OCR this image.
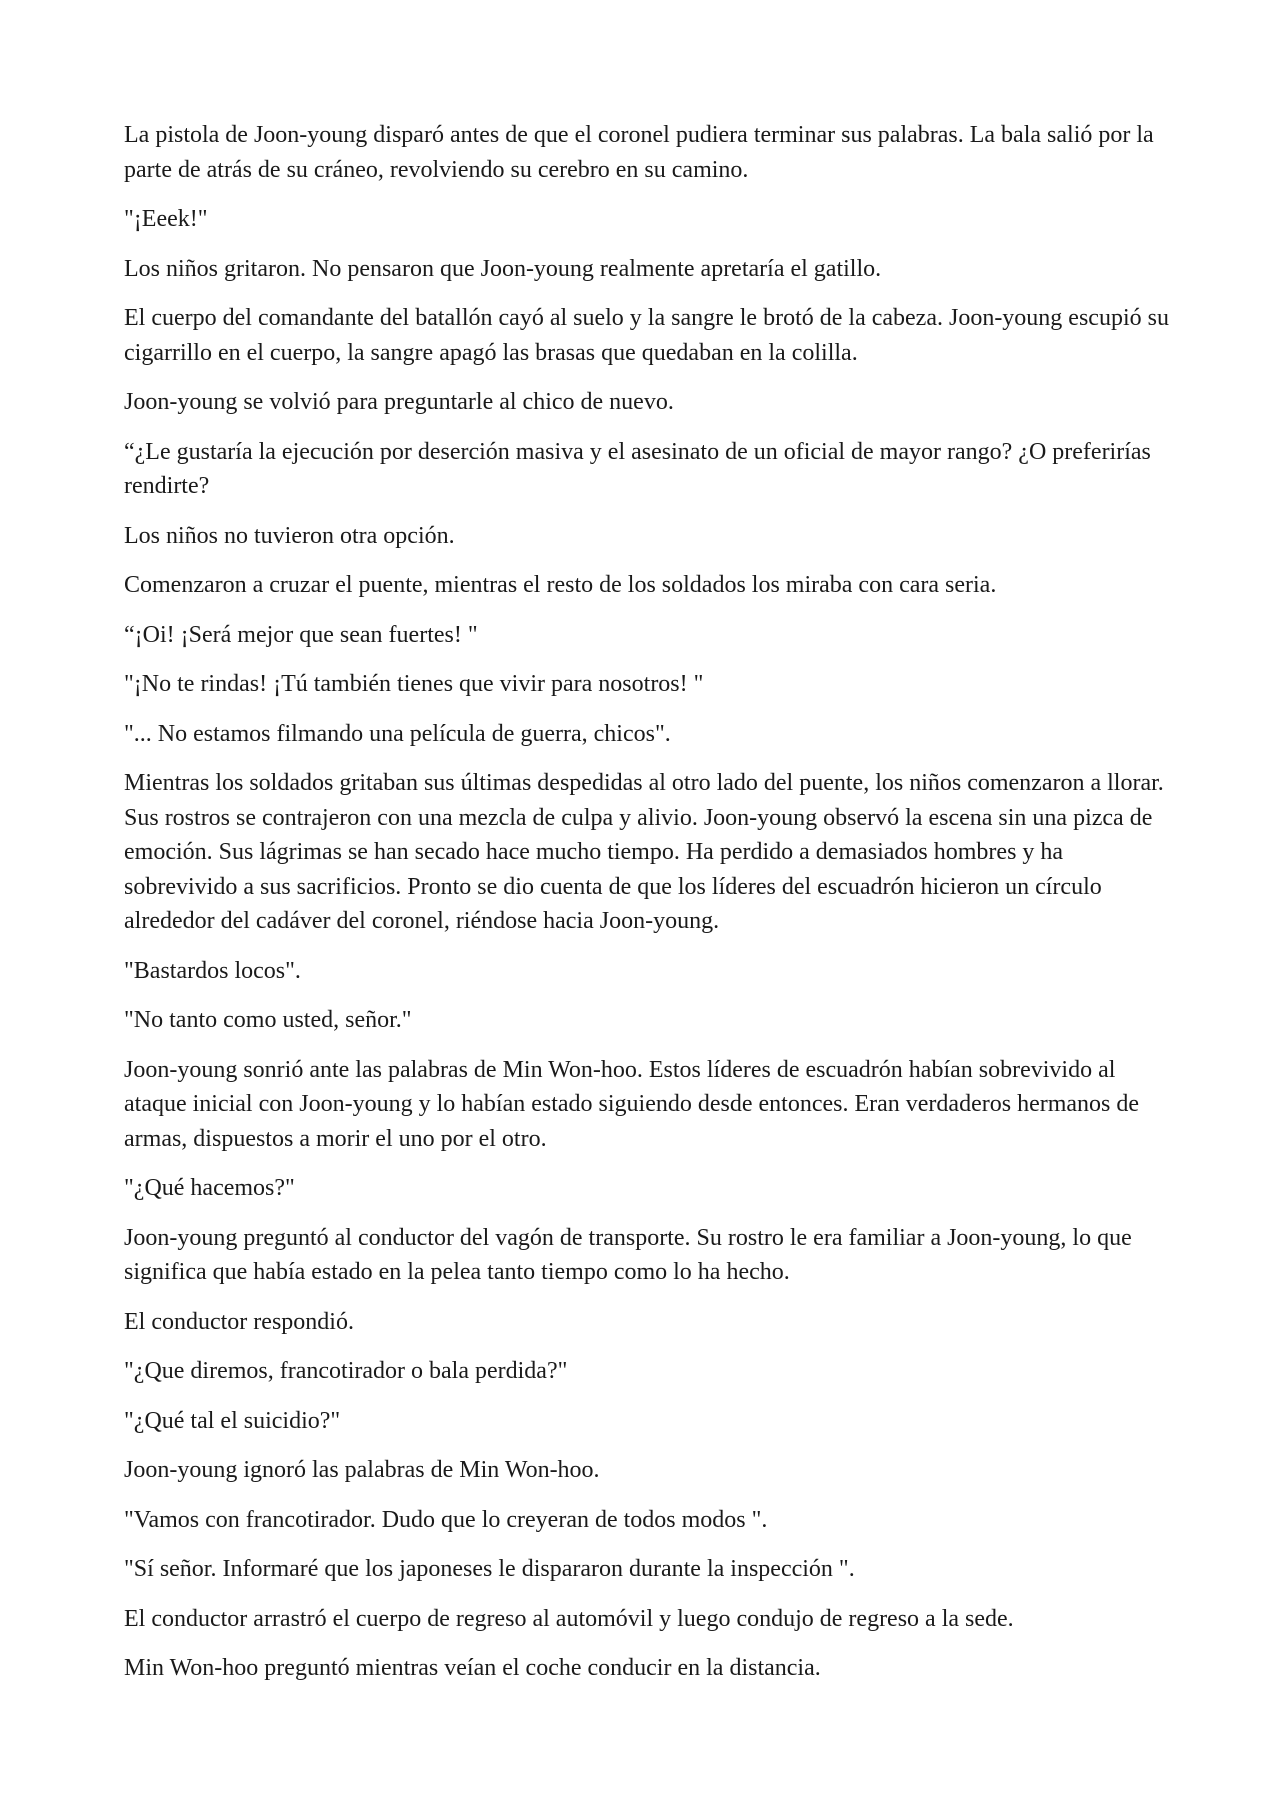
La pistola de Joon-young disparó antes de que el coronel pudiera terminar sus palabras. La bala salió por la parte de atrás de su cráneo, revolviendo su cerebro en su camino.

"¡Eeek!"

Los niños gritaron. No pensaron que Joon-young realmente apretaría el gatillo.

El cuerpo del comandante del batallón cayó al suelo y la sangre le brotó de la cabeza. Joon-young escupió su cigarrillo en el cuerpo, la sangre apagó las brasas que quedaban en la colilla.

Joon-young se volvió para preguntarle al chico de nuevo.

“¿Le gustaría la ejecución por deserción masiva y el asesinato de un oficial de mayor rango? ¿O preferirías rendirte?

Los niños no tuvieron otra opción.

Comenzaron a cruzar el puente, mientras el resto de los soldados los miraba con cara seria.

“¡Oi! ¡Será mejor que sean fuertes! "

"¡No te rindas! ¡Tú también tienes que vivir para nosotros! "

"... No estamos filmando una película de guerra, chicos".

Mientras los soldados gritaban sus últimas despedidas al otro lado del puente, los niños comenzaron a llorar. Sus rostros se contrajeron con una mezcla de culpa y alivio. Joon-young observó la escena sin una pizca de emoción. Sus lágrimas se han secado hace mucho tiempo. Ha perdido a demasiados hombres y ha sobrevivido a sus sacrificios. Pronto se dio cuenta de que los líderes del escuadrón hicieron un círculo alrededor del cadáver del coronel, riéndose hacia Joon-young.

"Bastardos locos".

"No tanto como usted, señor."

Joon-young sonrió ante las palabras de Min Won-hoo. Estos líderes de escuadrón habían sobrevivido al ataque inicial con Joon-young y lo habían estado siguiendo desde entonces. Eran verdaderos hermanos de armas, dispuestos a morir el uno por el otro.

"¿Qué hacemos?"

Joon-young preguntó al conductor del vagón de transporte. Su rostro le era familiar a Joon-young, lo que significa que había estado en la pelea tanto tiempo como lo ha hecho.

El conductor respondió.

"¿Que diremos, francotirador o bala perdida?"

"¿Qué tal el suicidio?"

Joon-young ignoró las palabras de Min Won-hoo.

"Vamos con francotirador. Dudo que lo creyeran de todos modos ".

"Sí señor. Informaré que los japoneses le dispararon durante la inspección ".

El conductor arrastró el cuerpo de regreso al automóvil y luego condujo de regreso a la sede.

Min Won-hoo preguntó mientras veían el coche conducir en la distancia.
